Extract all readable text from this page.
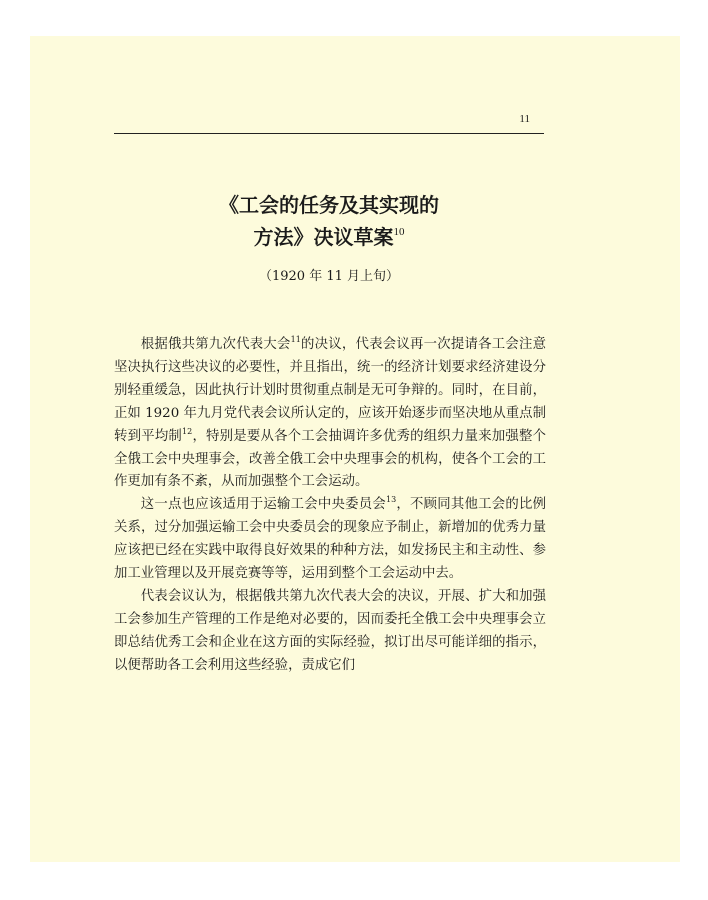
11
《工会的任务及其实现的
方法》决议草案$^{10}$
（1920 年 11 月上旬）

根据俄共第九次代表大会$^{11}$的决议，代表会议再一次提请各工会注意坚决执行这些决议的必要性，并且指出，统一的经济计划要求经济建设分别轻重缓急，因此执行计划时贯彻重点制是无可争辩的。同时，在目前，正如 1920 年九月党代表会议所认定的，应该开始逐步而坚决地从重点制转到平均制$^{12}$，特别是要从各个工会抽调许多优秀的组织力量来加强整个全俄工会中央理事会，改善全俄工会中央理事会的机构，使各个工会的工作更加有条不紊，从而加强整个工会运动。

这一点也应该适用于运输工会中央委员会$^{13}$，不顾同其他工会的比例关系，过分加强运输工会中央委员会的现象应予制止，新增加的优秀力量应该把已经在实践中取得良好效果的种种方法，如发扬民主和主动性、参加工业管理以及开展竞赛等等，运用到整个工会运动中去。

代表会议认为，根据俄共第九次代表大会的决议，开展、扩大和加强工会参加生产管理的工作是绝对必要的，因而委托全俄工会中央理事会立即总结优秀工会和企业在这方面的实际经验，拟订出尽可能详细的指示，以便帮助各工会利用这些经验，责成它们
